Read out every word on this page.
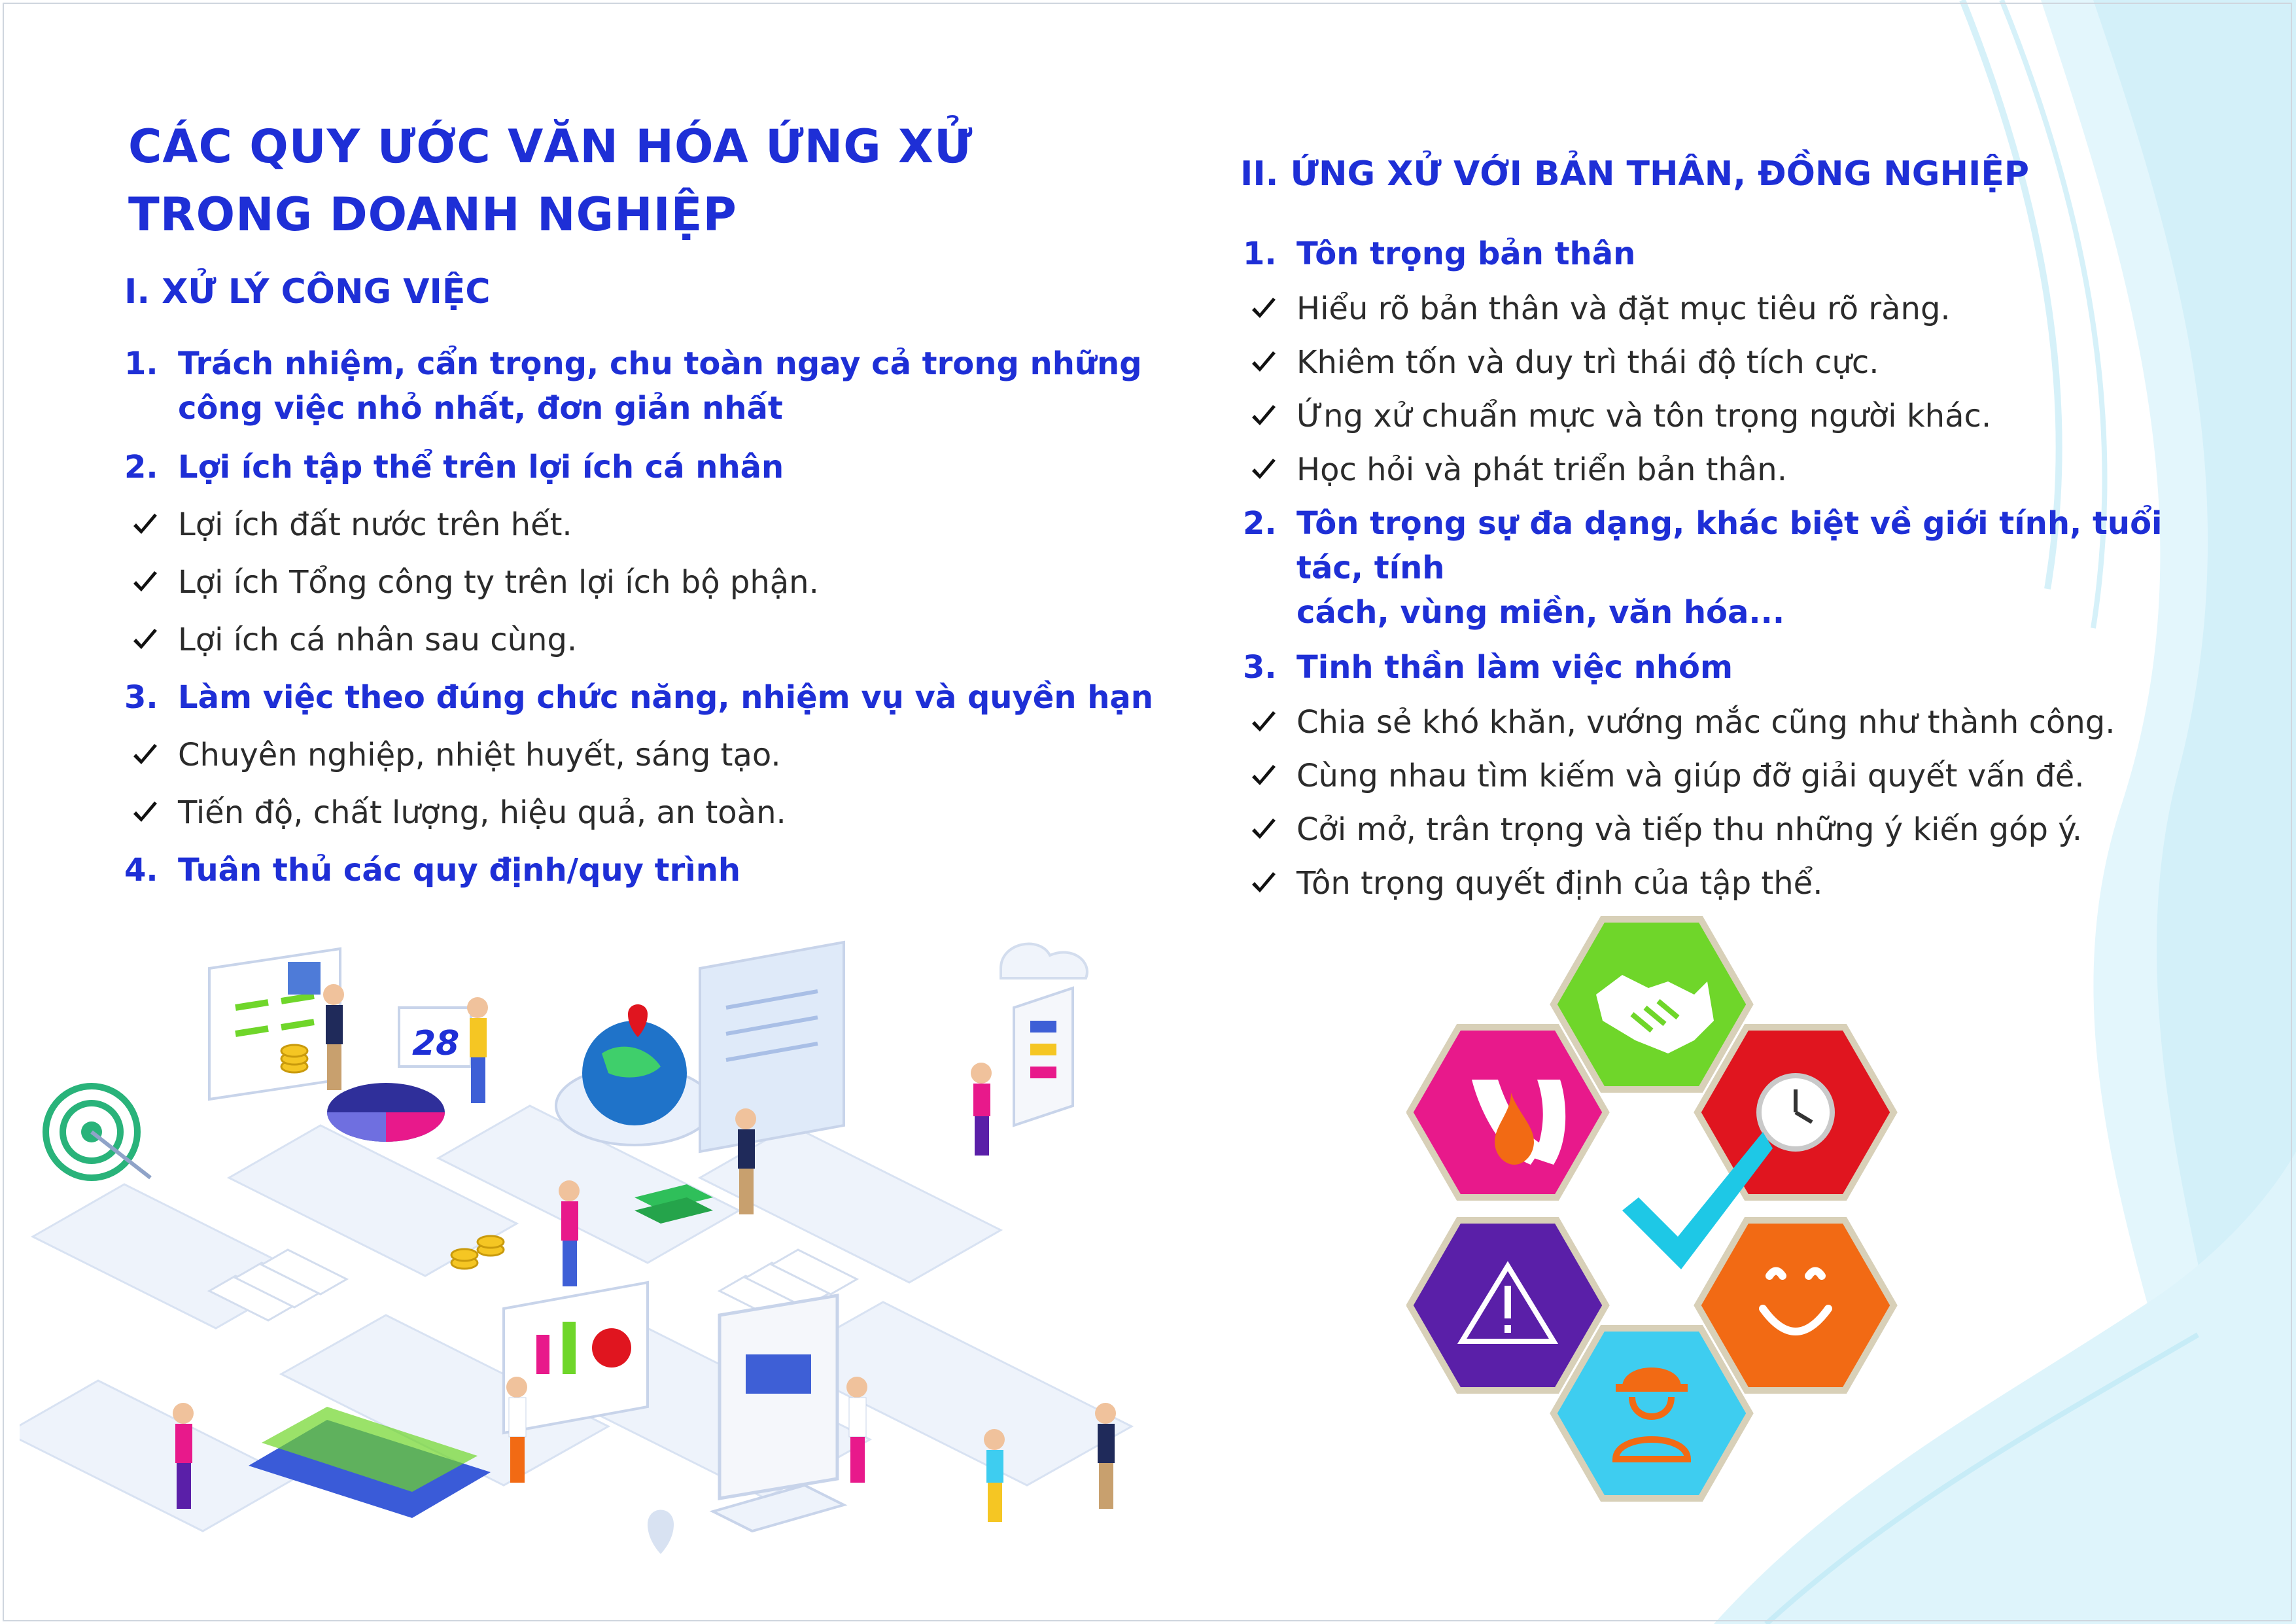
CÁC QUY ƯỚC VĂN HÓA ỨNG XỬ
TRONG DOANH NGHIỆP
I. XỬ LÝ CÔNG VIỆC
1. Trách nhiệm, cẩn trọng, chu toàn ngay cả trong những
công việc nhỏ nhất, đơn giản nhất
2. Lợi ích tập thể trên lợi ích cá nhân
Lợi ích đất nước trên hết.
Lợi ích Tổng công ty trên lợi ích bộ phận.
Lợi ích cá nhân sau cùng.
3. Làm việc theo đúng chức năng, nhiệm vụ và quyền hạn
Chuyên nghiệp, nhiệt huyết, sáng tạo.
Tiến độ, chất lượng, hiệu quả, an toàn.
4. Tuân thủ các quy định/quy trình
II. ỨNG XỬ VỚI BẢN THÂN, ĐỒNG NGHIỆP
1. Tôn trọng bản thân
Hiểu rõ bản thân và đặt mục tiêu rõ ràng.
Khiêm tốn và duy trì thái độ tích cực.
Ứng xử chuẩn mực và tôn trọng người khác.
Học hỏi và phát triển bản thân.
2. Tôn trọng sự đa dạng, khác biệt về giới tính, tuổi tác, tính
cách, vùng miền, văn hóa...
3. Tinh thần làm việc nhóm
Chia sẻ khó khăn, vướng mắc cũng như thành công.
Cùng nhau tìm kiếm và giúp đỡ giải quyết vấn đề.
Cởi mở, trân trọng và tiếp thu những ý kiến góp ý.
Tôn trọng quyết định của tập thể.
28
